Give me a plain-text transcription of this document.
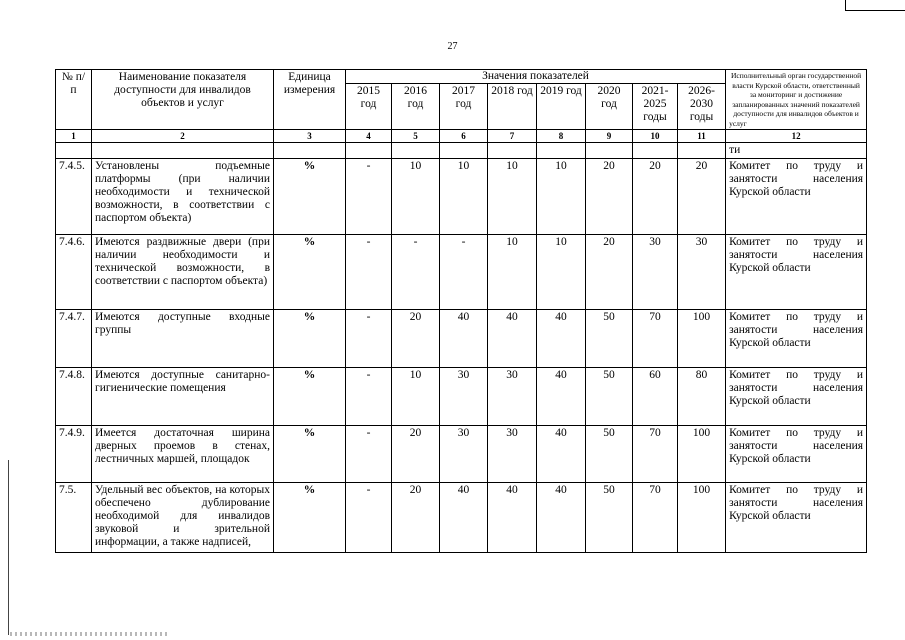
27
№ п/п	Наименование показателя доступности для инвалидов объектов и услуг	Единица измерения	Значения показателей								Исполнительный орган государственной власти Курской области, ответственный за мониторинг и достижение запланированных значений показателей доступности для инвалидов объектов и услуг
			2015 год	2016 год	2017 год	2018 год	2019 год	2020 год	2021-2025 годы	2026-2030 годы	
1	2	3	4	5	6	7	8	9	10	11	12
											ти
7.4.5.	Установлены подъемные платформы (при наличии необходимости и технической возможности, в соответствии с паспортом объекта)	%	-	10	10	10	10	20	20	20	Комитет по труду и занятости населения Курской области
7.4.6.	Имеются раздвижные двери (при наличии необходимости и технической возможности, в соответствии с паспортом объекта)	%	-	-	-	10	10	20	30	30	Комитет по труду и занятости населения Курской области
7.4.7.	Имеются доступные входные группы	%	-	20	40	40	40	50	70	100	Комитет по труду и занятости населения Курской области
7.4.8.	Имеются доступные санитарно-гигиенические помещения	%	-	10	30	30	40	50	60	80	Комитет по труду и занятости населения Курской области
7.4.9.	Имеется достаточная ширина дверных проемов в стенах, лестничных маршей, площадок	%	-	20	30	30	40	50	70	100	Комитет по труду и занятости населения Курской области
7.5.	Удельный вес объектов, на которых обеспечено дублирование необходимой для инвалидов звуковой и зрительной информации, а также надписей,	%	-	20	40	40	40	50	70	100	Комитет по труду и занятости населения Курской области
